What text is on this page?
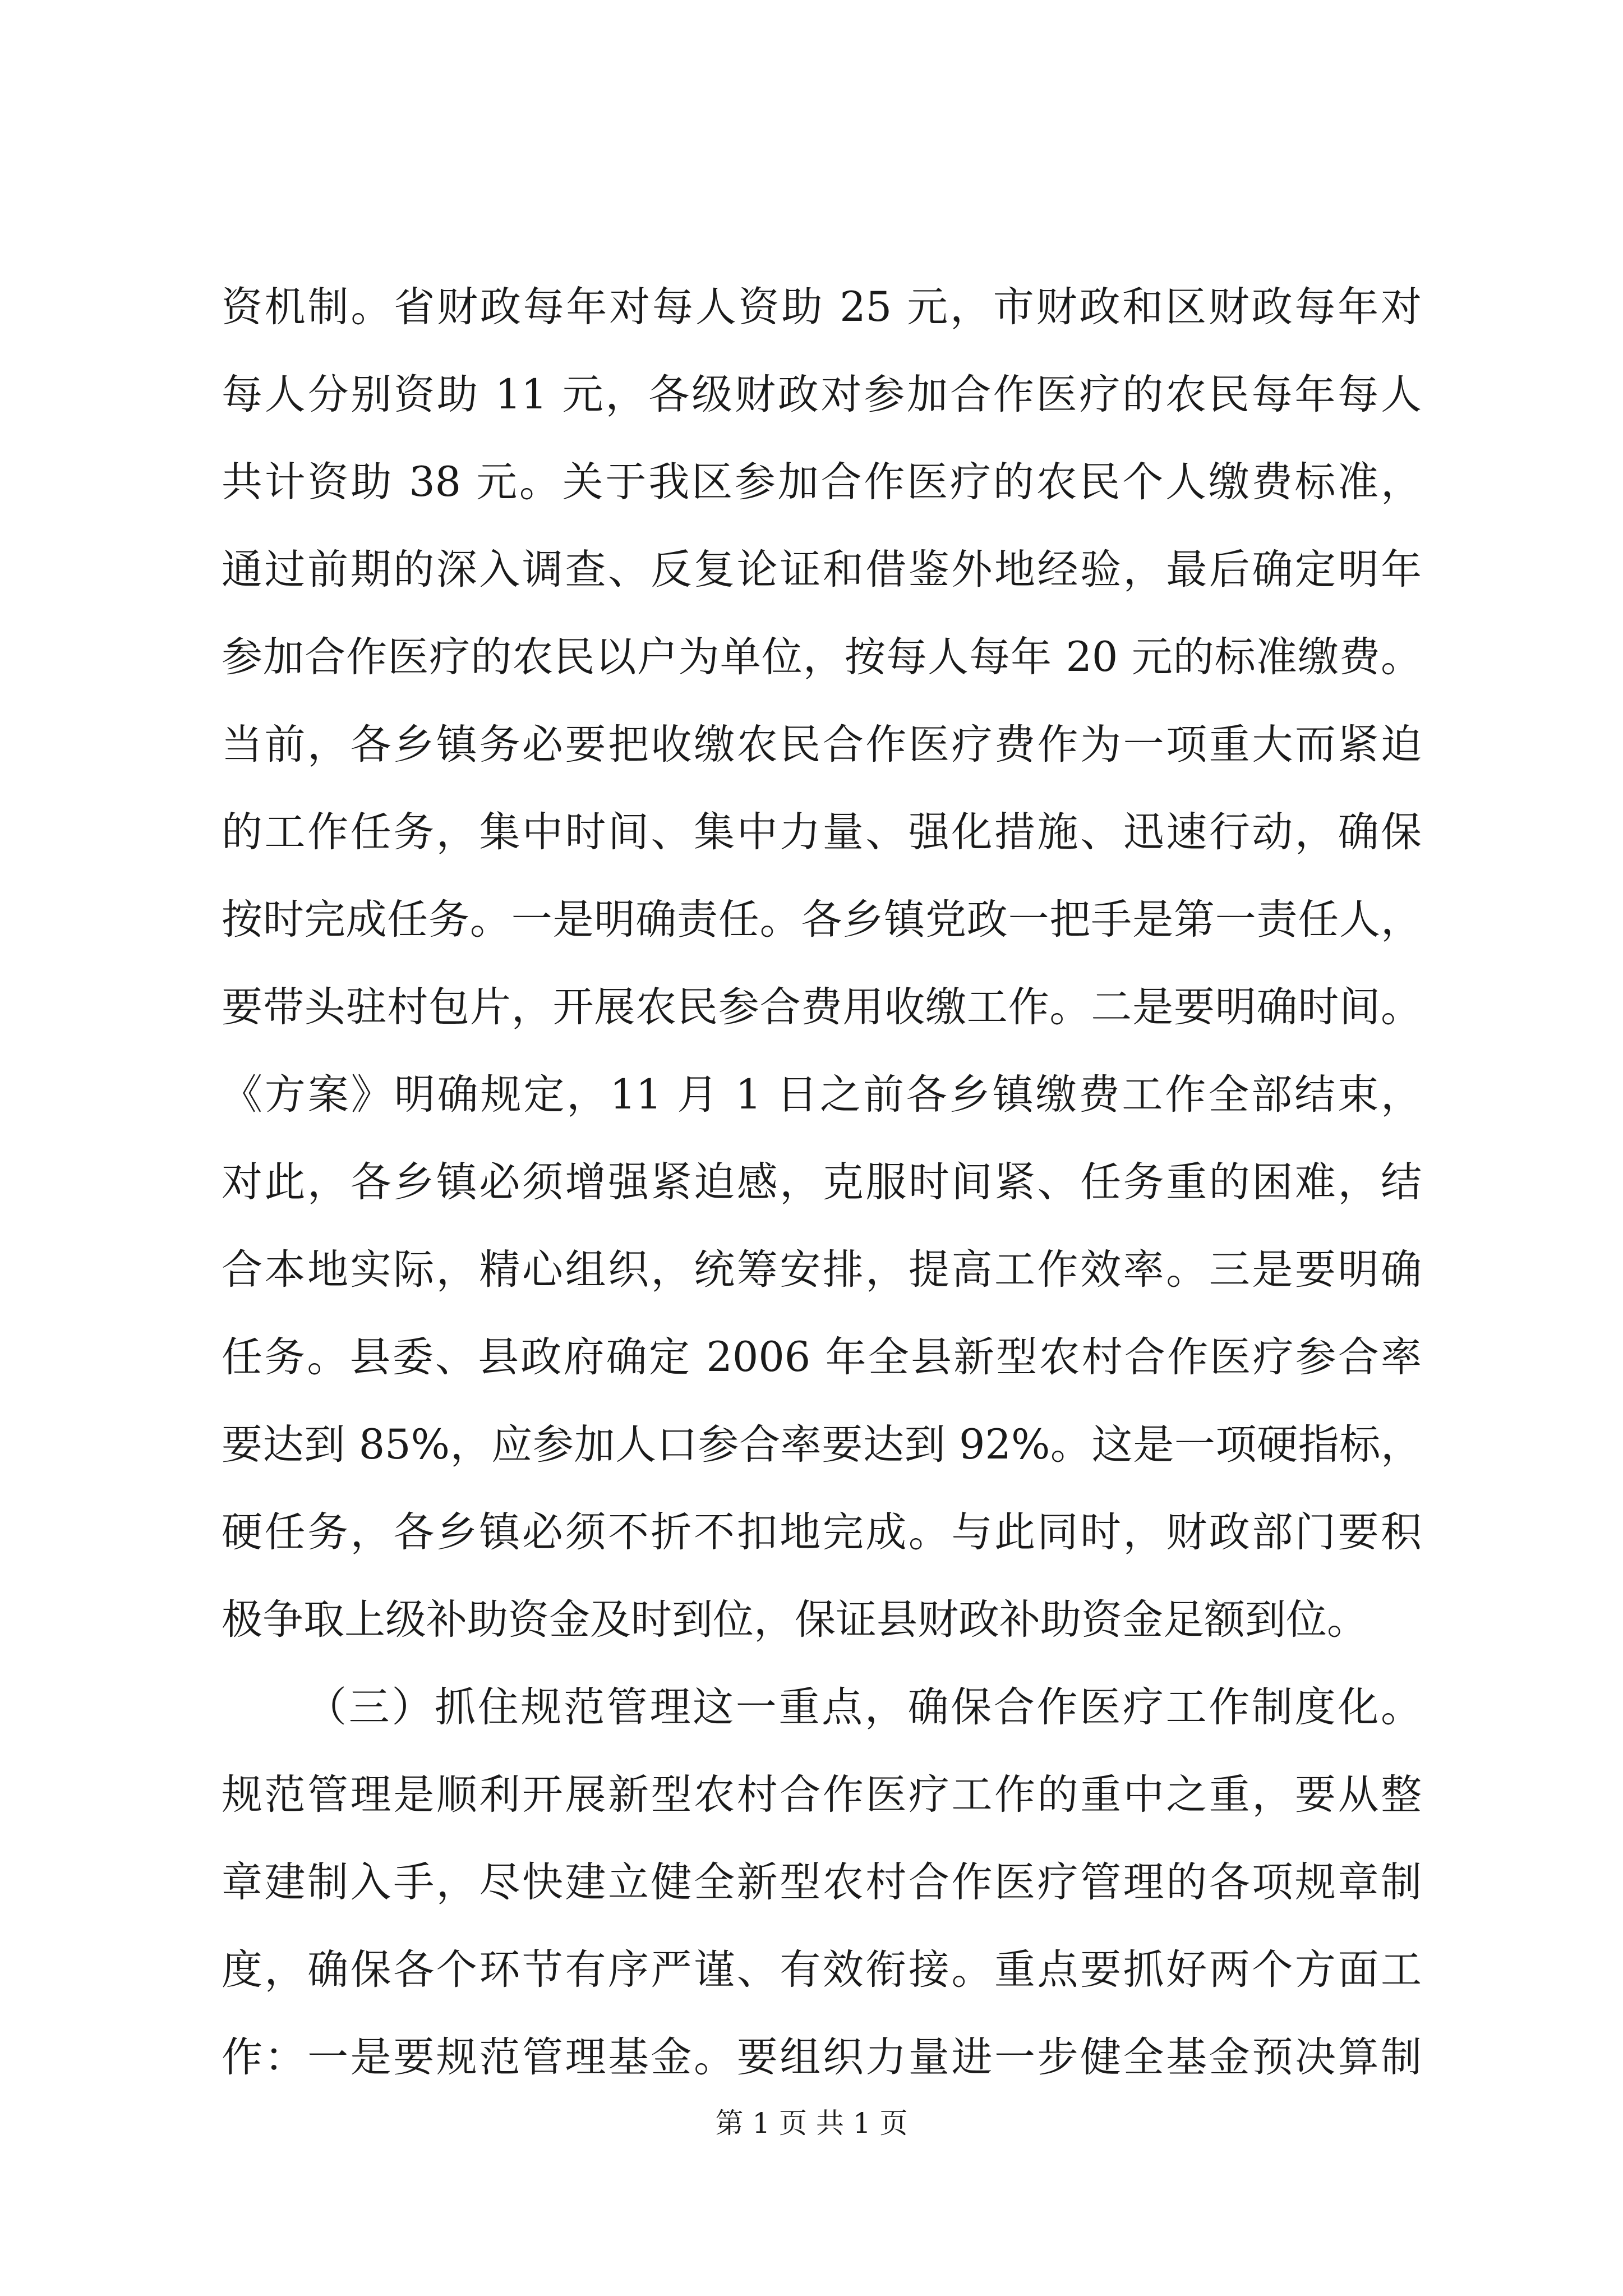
资机制。省财政每年对每人资助 25 元，市财政和区财政每年对
每人分别资助 11 元，各级财政对参加合作医疗的农民每年每人
共计资助 38 元。关于我区参加合作医疗的农民个人缴费标准，
通过前期的深入调查、反复论证和借鉴外地经验，最后确定明年
参加合作医疗的农民以户为单位，按每人每年 20 元的标准缴费。
当前，各乡镇务必要把收缴农民合作医疗费作为一项重大而紧迫
的工作任务，集中时间、集中力量、强化措施、迅速行动，确保
按时完成任务。一是明确责任。各乡镇党政一把手是第一责任人，
要带头驻村包片，开展农民参合费用收缴工作。二是要明确时间。
《方案》明确规定，11 月 1 日之前各乡镇缴费工作全部结束，
对此，各乡镇必须增强紧迫感，克服时间紧、任务重的困难，结
合本地实际，精心组织，统筹安排，提高工作效率。三是要明确
任务。县委、县政府确定 2006 年全县新型农村合作医疗参合率
要达到 85%，应参加人口参合率要达到 92%。这是一项硬指标，
硬任务，各乡镇必须不折不扣地完成。与此同时，财政部门要积
极争取上级补助资金及时到位，保证县财政补助资金足额到位。
（三）抓住规范管理这一重点，确保合作医疗工作制度化。
规范管理是顺利开展新型农村合作医疗工作的重中之重，要从整
章建制入手，尽快建立健全新型农村合作医疗管理的各项规章制
度，确保各个环节有序严谨、有效衔接。重点要抓好两个方面工
作：一是要规范管理基金。要组织力量进一步健全基金预决算制
第 1 页 共 1 页
